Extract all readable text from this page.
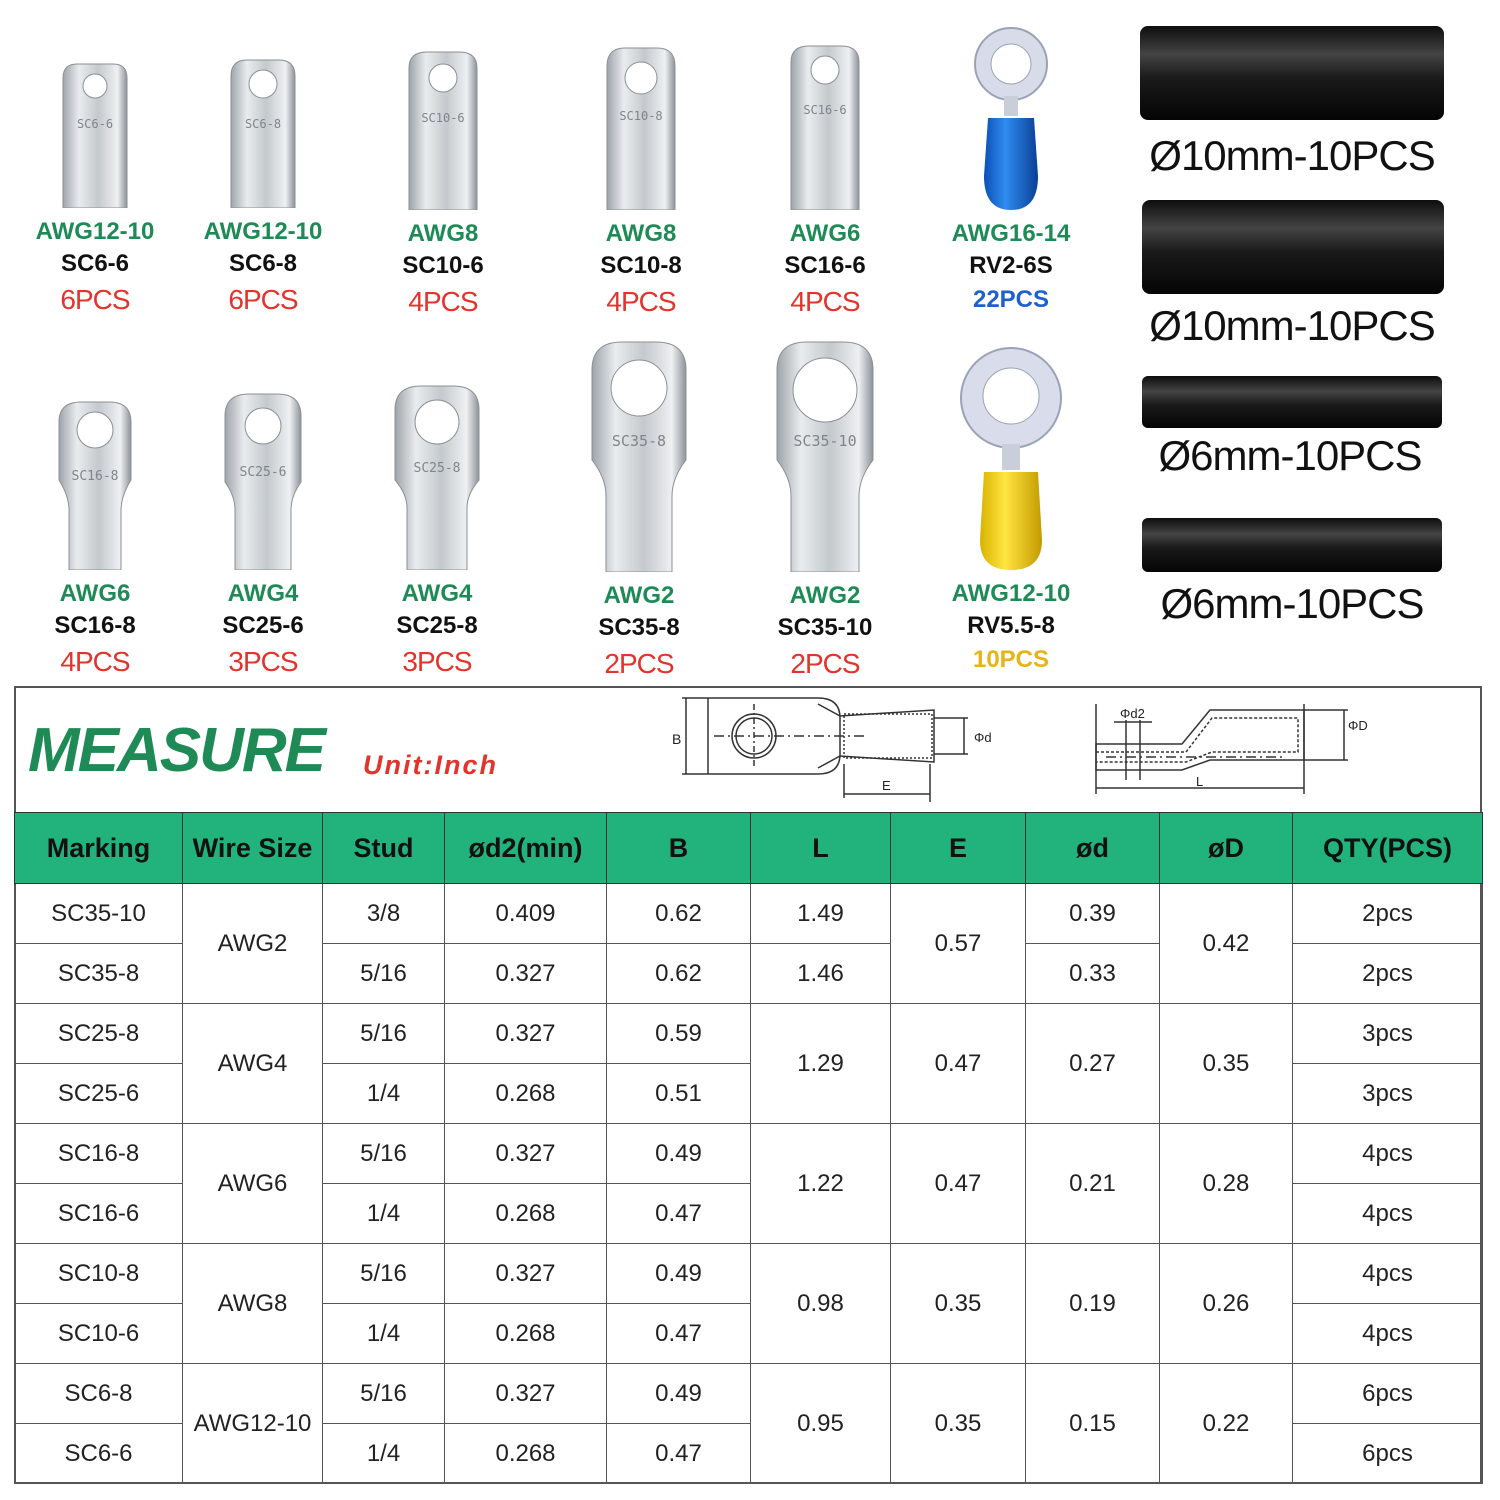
SC6-6
AWG12-10
SC6-6
6PCS
SC6-8
AWG12-10
SC6-8
6PCS
SC10-6
AWG8
SC10-6
4PCS
SC10-8
AWG8
SC10-8
4PCS
SC16-6
AWG6
SC16-6
4PCS
AWG16-14
RV2-6S
22PCS
SC16-8
AWG6
SC16-8
4PCS
SC25-6
AWG4
SC25-6
3PCS
SC25-8
AWG4
SC25-8
3PCS
SC35-8
AWG2
SC35-8
2PCS
SC35-10
AWG2
SC35-10
2PCS
AWG12-10
RV5.5-8
10PCS
Ø10mm-10PCS
Ø10mm-10PCS
Ø6mm-10PCS
Ø6mm-10PCS
MEASURE Unit:Inch
B	Φd
E
Φd2
ΦD
L
Marking	Wire Size	Stud	ød2(min)	B	L	E	ød	øD	QTY(PCS)
SC35-10	AWG2	3/8	0.409	0.62	1.49	0.57	0.39	0.42	2pcs
SC35-8		5/16	0.327	0.62	1.46		0.33		2pcs
SC25-8	AWG4	5/16	0.327	0.59	1.29	0.47	0.27	0.35	3pcs
SC25-6		1/4	0.268	0.51					3pcs
SC16-8	AWG6	5/16	0.327	0.49	1.22	0.47	0.21	0.28	4pcs
SC16-6		1/4	0.268	0.47					4pcs
SC10-8	AWG8	5/16	0.327	0.49	0.98	0.35	0.19	0.26	4pcs
SC10-6		1/4	0.268	0.47					4pcs
SC6-8	AWG12-10	5/16	0.327	0.49	0.95	0.35	0.15	0.22	6pcs
SC6-6		1/4	0.268	0.47					6pcs
